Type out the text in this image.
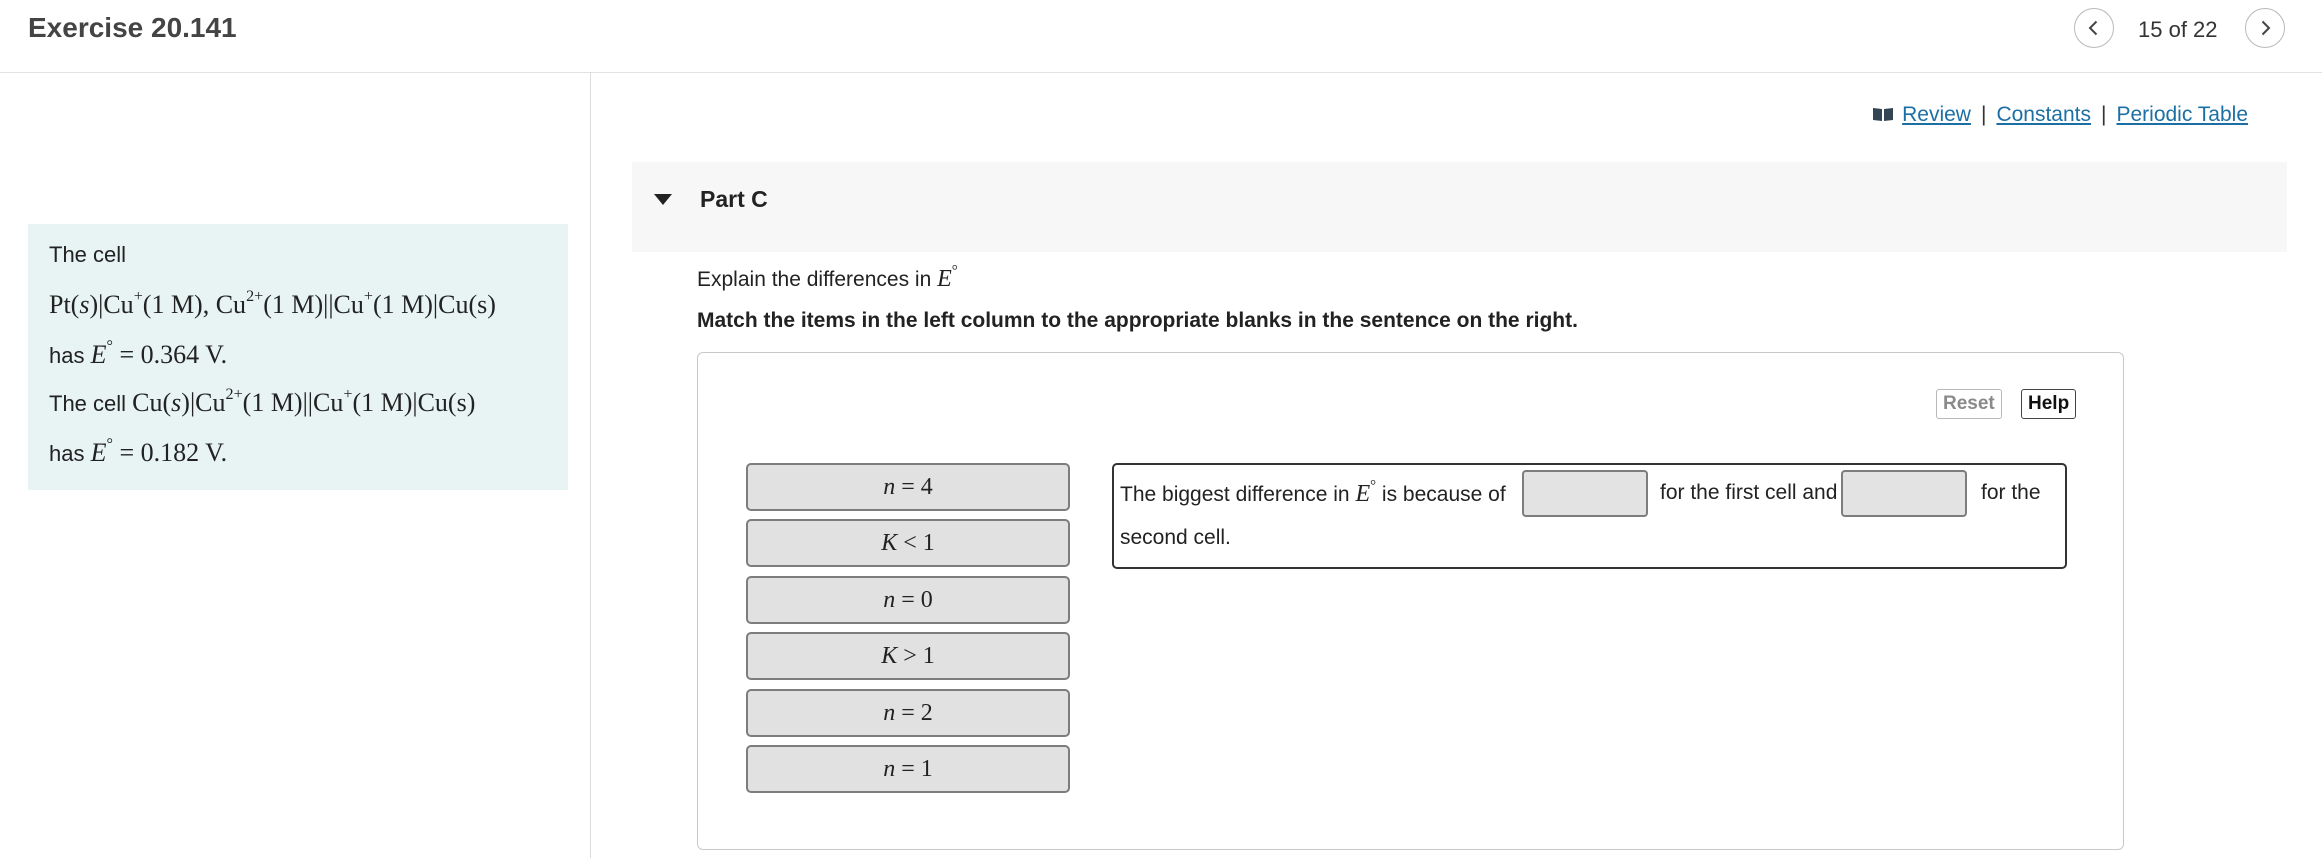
Exercise 20.141	15 of 22
The cell
Pt(s)|Cu+(1 M), $Cu^{2+}(1$ M)||Cu+(1 M)|Cu(s)
has E° = 0.364 V.
The cell $Cu(s)|Cu^{2+}(1$ M)||Cu+(1 M)|Cu(s)
has E° = 0.182 V.
Review | Constants | Periodic Table
Part C
Explain the differences in E°
Match the items in the left column to the appropriate blanks in the sentence on the right.
Reset	Help
n = 4
K < 1
n = 0
K > 1
n = 2
n = 1
The biggest difference in E° is because of	for the first cell and	for the
second cell.
